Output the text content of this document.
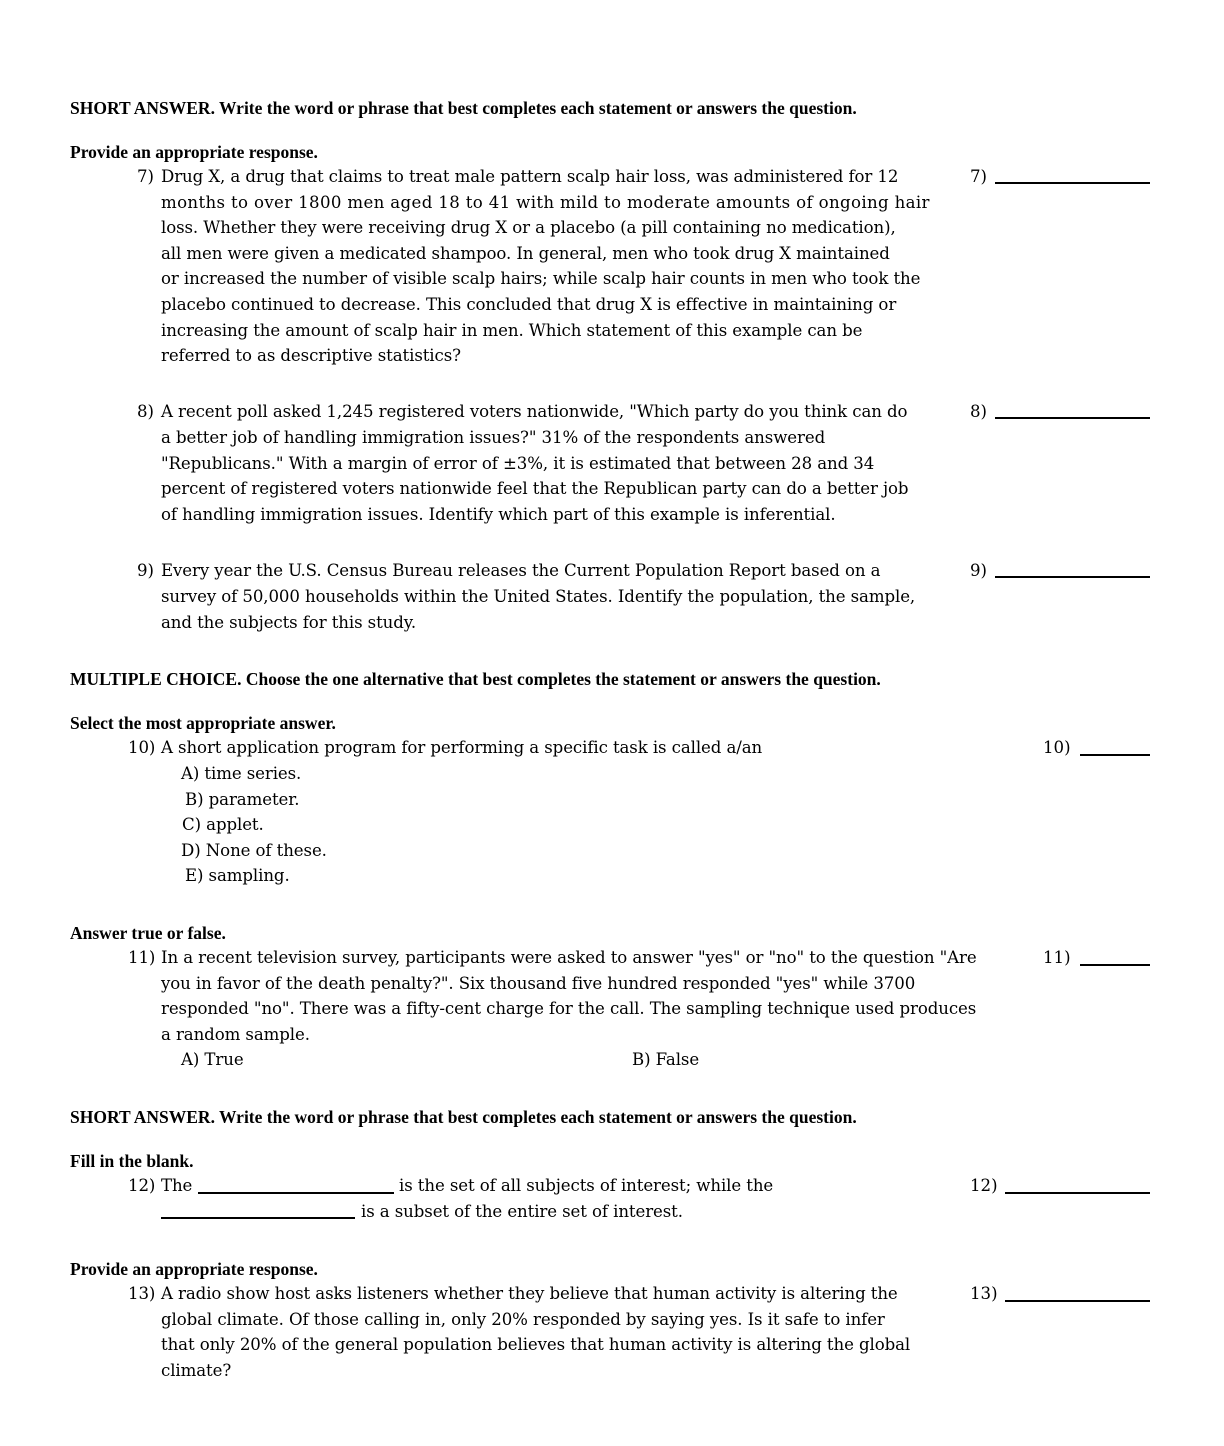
SHORT ANSWER. Write the word or phrase that best completes each statement or answers the question.
Provide an appropriate response.
7) Drug X, a drug that claims to treat male pattern scalp hair loss, was administered for 12
months to over 1800 men aged 18 to 41 with mild to moderate amounts of ongoing hair
loss. Whether they were receiving drug X or a placebo (a pill containing no medication),
all men were given a medicated shampoo. In general, men who took drug X maintained
or increased the number of visible scalp hairs; while scalp hair counts in men who took the
placebo continued to decrease. This concluded that drug X is effective in maintaining or
increasing the amount of scalp hair in men. Which statement of this example can be
referred to as descriptive statistics?
7)
8) A recent poll asked 1,245 registered voters nationwide, "Which party do you think can do
a better job of handling immigration issues?" 31% of the respondents answered
"Republicans." With a margin of error of ±3%, it is estimated that between 28 and 34
percent of registered voters nationwide feel that the Republican party can do a better job
of handling immigration issues. Identify which part of this example is inferential.
8)
9) Every year the U.S. Census Bureau releases the Current Population Report based on a
survey of 50,000 households within the United States. Identify the population, the sample,
and the subjects for this study.
9)
MULTIPLE CHOICE. Choose the one alternative that best completes the statement or answers the question.
Select the most appropriate answer.
10) A short application program for performing a specific task is called a/an
A) time series.
B) parameter.
C) applet.
D) None of these.
E) sampling.
10)
Answer true or false.
11) In a recent television survey, participants were asked to answer "yes" or "no" to the question "Are
you in favor of the death penalty?". Six thousand five hundred responded "yes" while 3700
responded "no". There was a fifty-cent charge for the call. The sampling technique used produces
a random sample.
A) True	B) False
11)
SHORT ANSWER. Write the word or phrase that best completes each statement or answers the question.
Fill in the blank.
12) The	is the set of all subjects of interest; while the
is a subset of the entire set of interest.
12)
Provide an appropriate response.
13) A radio show host asks listeners whether they believe that human activity is altering the
global climate. Of those calling in, only 20% responded by saying yes. Is it safe to infer
that only 20% of the general population believes that human activity is altering the global
climate?
13)
